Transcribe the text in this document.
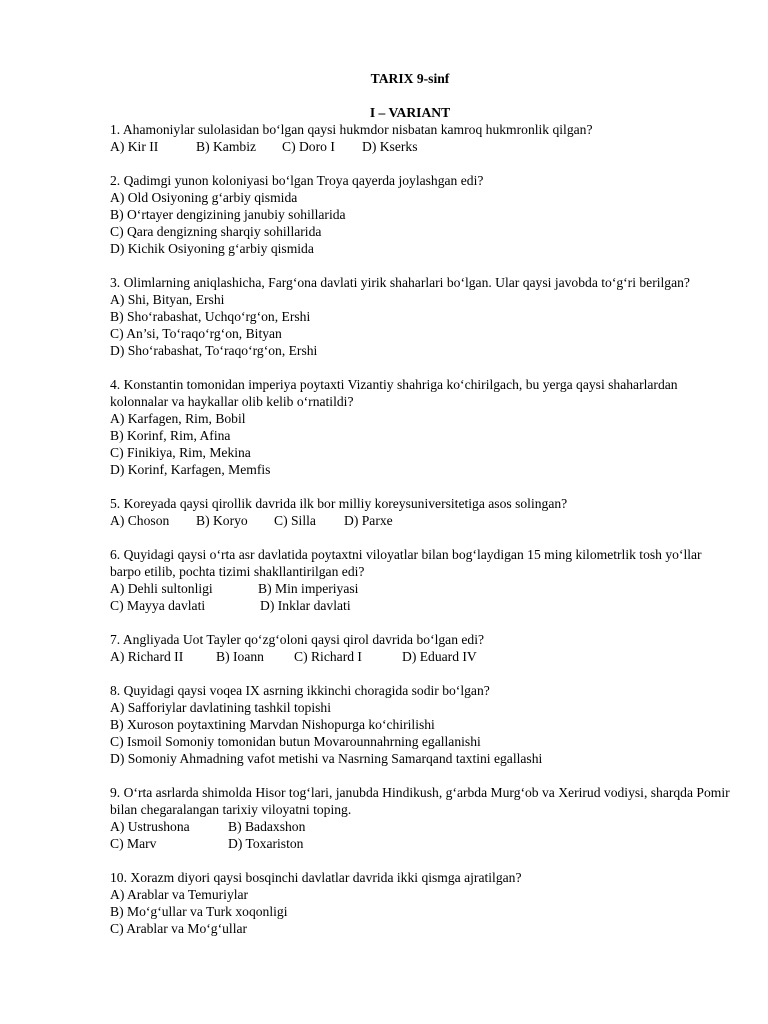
TARIX 9-sinf
I – VARIANT
1. Ahamoniylar sulolasidan bo‘lgan qaysi hukmdor nisbatan kamroq hukmronlik qilgan?
A) Kir II	B) Kambiz C) Doro I D) Kserks
2. Qadimgi yunon koloniyasi bo‘lgan Troya qayerda joylashgan edi?
A) Old Osiyoning g‘arbiy qismida
B) O‘rtayer dengizining janubiy sohillarida
C) Qara dengizning sharqiy sohillarida
D) Kichik Osiyoning g‘arbiy qismida
3. Olimlarning aniqlashicha, Farg‘ona davlati yirik shaharlari bo‘lgan. Ular qaysi javobda to‘g‘ri berilgan?
A) Shi, Bityan, Ershi
B) Sho‘rabashat, Uchqo‘rg‘on, Ershi
C) An’si, To‘raqo‘rg‘on, Bityan
D) Sho‘rabashat, To‘raqo‘rg‘on, Ershi
4. Konstantin tomonidan imperiya poytaxti Vizantiy shahriga ko‘chirilgach, bu yerga qaysi shaharlardan kolonnalar va haykallar olib kelib o‘rnatildi?
A) Karfagen, Rim, Bobil
B) Korinf, Rim, Afina
C) Finikiya, Rim, Mekina
D) Korinf, Karfagen, Memfis
5. Koreyada qaysi qirollik davrida ilk bor milliy koreysuniversitetiga asos solingan?
A) Choson B) Koryo C) Silla D) Parxe
6. Quyidagi qaysi o‘rta asr davlatida poytaxtni viloyatlar bilan bog‘laydigan 15 ming kilometrlik tosh yo‘llar barpo etilib, pochta tizimi shakllantirilgan edi?
A) Dehli sultonligi	B) Min imperiyasi
C) Mayya davlati	D) Inklar davlati
7. Angliyada Uot Tayler qo‘zg‘oloni qaysi qirol davrida bo‘lgan edi?
A) Richard II B) Ioann C) Richard I	D) Eduard IV
8. Quyidagi qaysi voqea IX asrning ikkinchi choragida sodir bo‘lgan?
A) Safforiylar davlatining tashkil topishi
B) Xuroson poytaxtining Marvdan Nishopurga ko‘chirilishi
C) Ismoil Somoniy tomonidan butun Movarounnahrning egallanishi
D) Somoniy Ahmadning vafot metishi va Nasrning Samarqand taxtini egallashi
9. O‘rta asrlarda shimolda Hisor tog‘lari, janubda Hindikush, g‘arbda Murg‘ob va Xerirud vodiysi, sharqda Pomir bilan chegaralangan tarixiy viloyatni toping.
A) Ustrushona	B) Badaxshon
C) Marv	D) Toxariston
10. Xorazm diyori qaysi bosqinchi davlatlar davrida ikki qismga ajratilgan?
A) Arablar va Temuriylar
B) Mo‘g‘ullar va Turk xoqonligi
C) Arablar va Mo‘g‘ullar
